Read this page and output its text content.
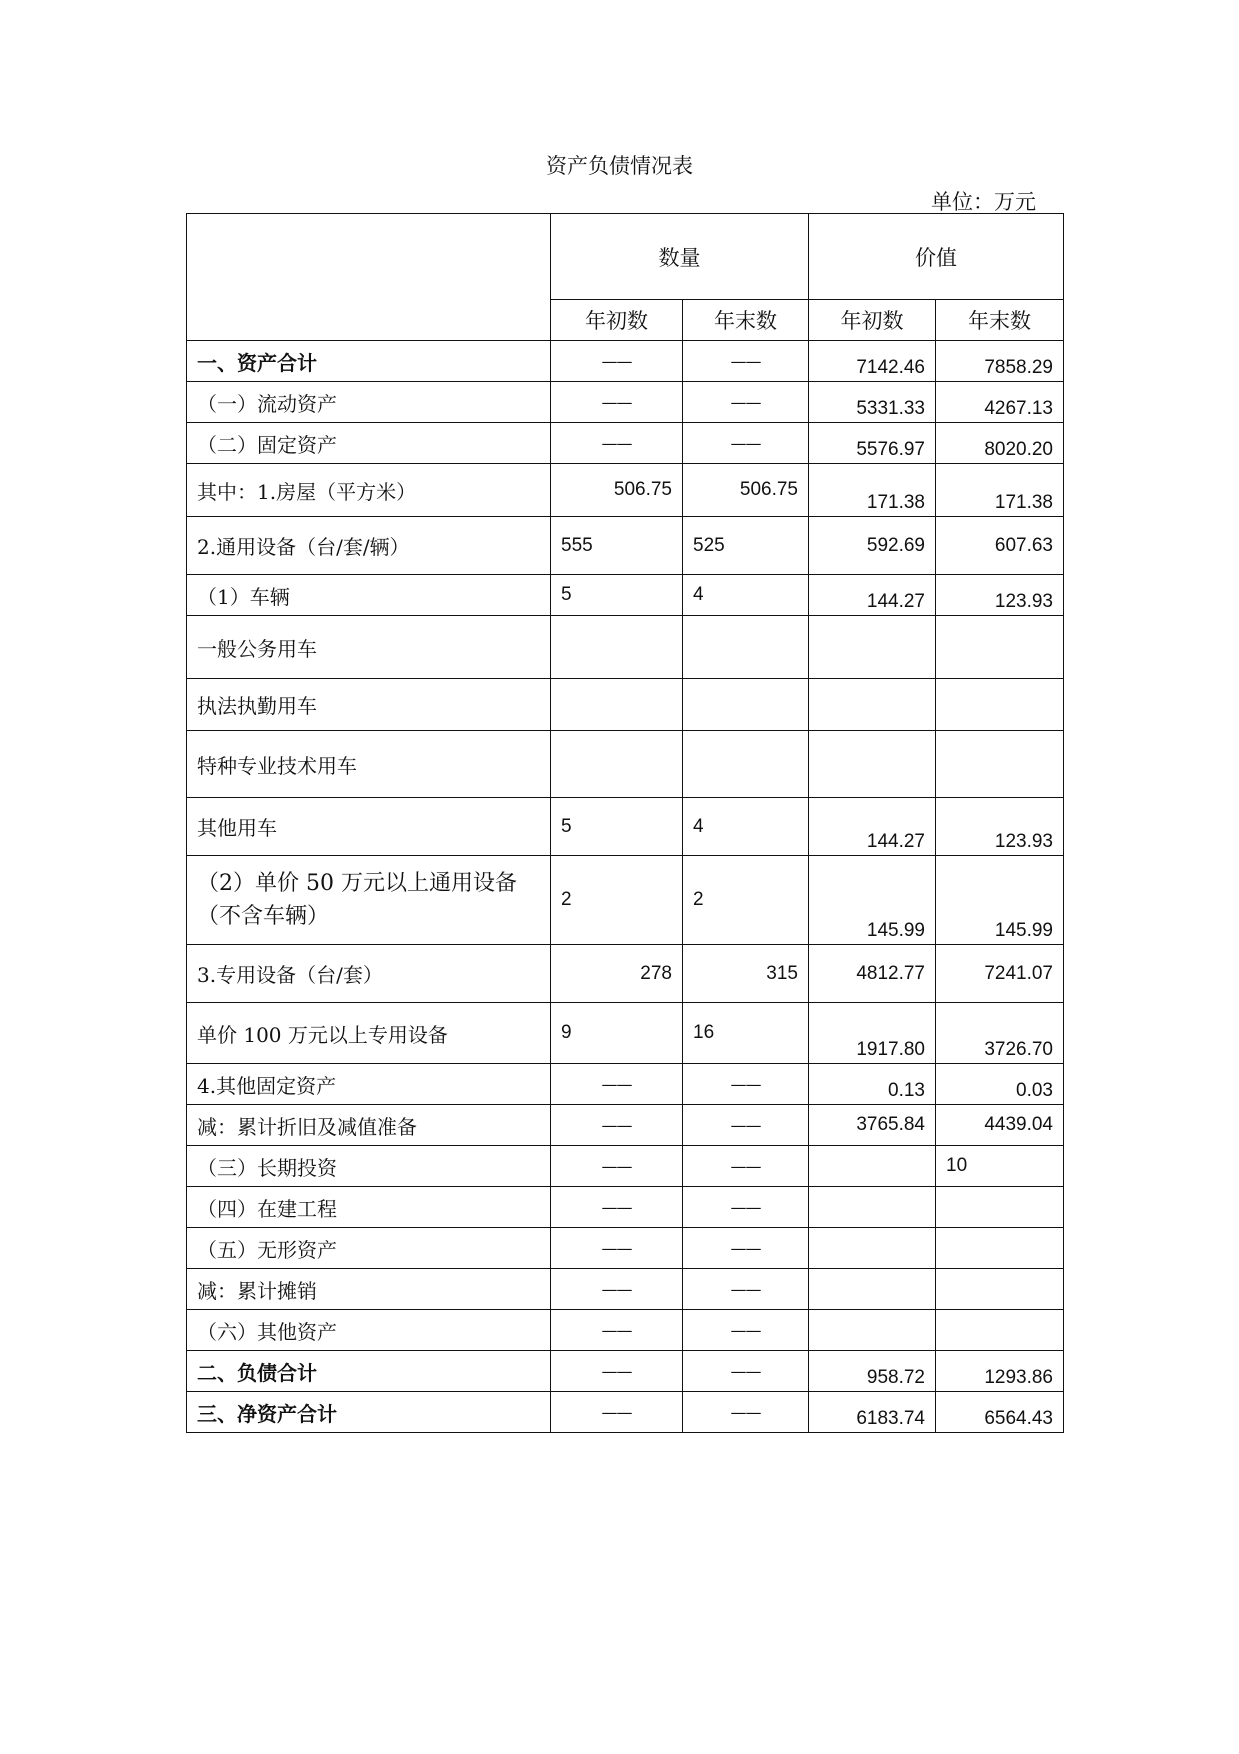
资产负债情况表
单位：万元
	数量		价值	
	年初数	年末数	年初数	年末数
一、资产合计	——	——	7142.46	7858.29
（一）流动资产	——	——	5331.33	4267.13
（二）固定资产	——	——	5576.97	8020.20
其中：1.房屋（平方米）	506.75	506.75	171.38	171.38
2.通用设备（台/套/辆）	555	525	592.69	607.63
（1）车辆	5	4	144.27	123.93
一般公务用车				
执法执勤用车				
特种专业技术用车				
其他用车	5	4	144.27	123.93
（2）单价 50 万元以上通用设备（不含车辆）	2	2	145.99	145.99
3.专用设备（台/套）	278	315	4812.77	7241.07
单价 100 万元以上专用设备	9	16	1917.80	3726.70
4.其他固定资产	——	——	0.13	0.03
减：累计折旧及减值准备	——	——	3765.84	4439.04
（三）长期投资	——	——		10
（四）在建工程	——	——		
（五）无形资产	——	——		
减：累计摊销	——	——		
（六）其他资产	——	——		
二、负债合计	——	——	958.72	1293.86
三、净资产合计	——	——	6183.74	6564.43
